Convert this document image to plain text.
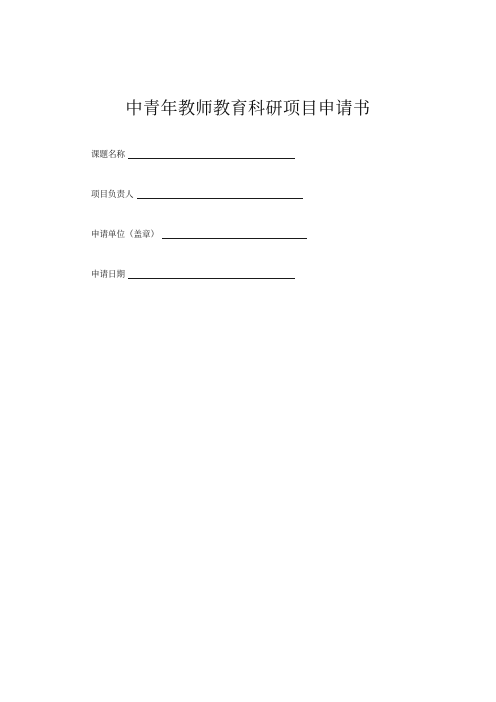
中青年教师教育科研项目申请书
课题名称
项目负责人
申请单位（盖章）
申请日期
